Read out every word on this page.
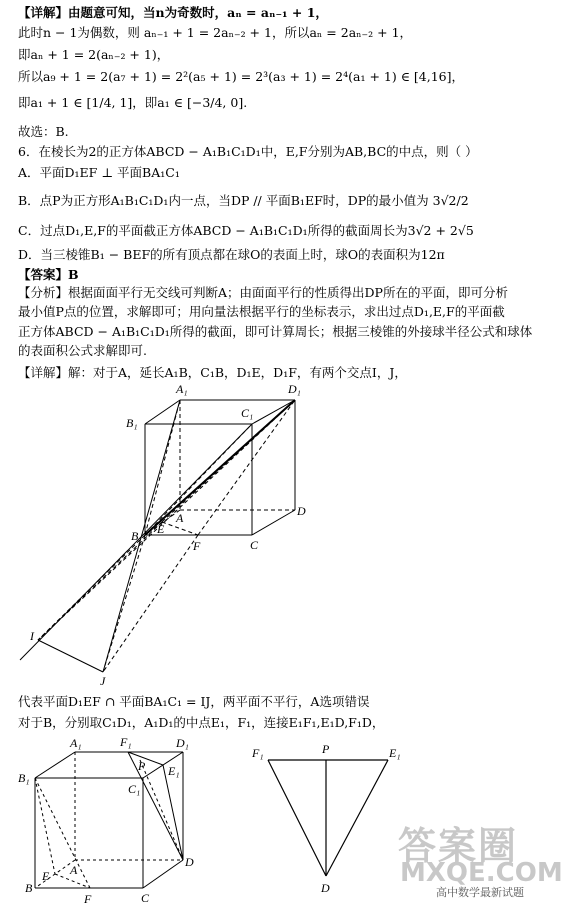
【详解】由题意可知，当n为奇数时，aₙ = aₙ₋₁ + 1，
此时n − 1为偶数，则 aₙ₋₁ + 1 = 2aₙ₋₂ + 1，所以aₙ = 2aₙ₋₂ + 1，
即aₙ + 1 = 2(aₙ₋₂ + 1)，
所以a₉ + 1 = 2(a₇ + 1) = 2²(a₅ + 1) = 2³(a₃ + 1) = 2⁴(a₁ + 1) ∈ [4,16]，
即a₁ + 1 ∈ [1/4, 1]，即a₁ ∈ [−3/4, 0].
故选：B.
6．在棱长为2的正方体ABCD − A₁B₁C₁D₁中，E,F分别为AB,BC的中点，则（ ）
A．平面D₁EF ⊥ 平面BA₁C₁
B．点P为正方形A₁B₁C₁D₁内一点，当DP // 平面B₁EF时，DP的最小值为 3√2/2
C．过点D₁,E,F的平面截正方体ABCD − A₁B₁C₁D₁所得的截面周长为3√2 + 2√5
D．当三棱锥B₁ − BEF的所有顶点都在球O的表面上时，球O的表面积为12π
【答案】B
【分析】根据面面平行无交线可判断A；由面面平行的性质得出DP所在的平面，即可分析
最小值P点的位置，求解即可；用向量法根据平行的坐标表示，求出过点D₁,E,F的平面截
正方体ABCD − A₁B₁C₁D₁所得的截面，即可计算周长；根据三棱锥的外接球半径公式和球体
的表面积公式求解即可.
【详解】解：对于A，延长A₁B，C₁B，D₁E，D₁F，有两个交点I，J，
代表平面D₁EF ∩ 平面BA₁C₁ = IJ，两平面不平行，A选项错误
对于B，分别取C₁D₁，A₁D₁的中点E₁，F₁，连接E₁F₁,E₁D,F₁D，
A₁	D₁
B₁
C₁
A	D
B E
F	C
I
J
A₁	F₁	D₁
B₁
P E₁
C₁
A
D
B
E
C
F
F₁	P	E₁
D
答案圈
MXQE.COM
高中数学最新试题
